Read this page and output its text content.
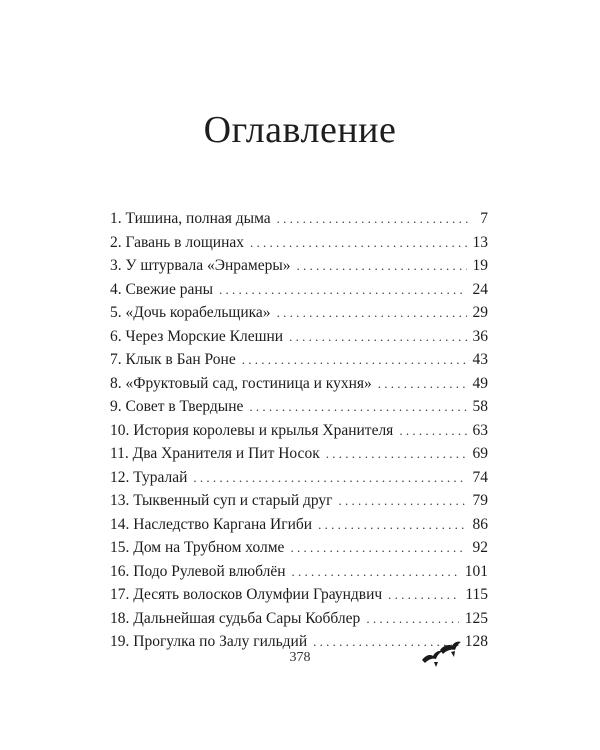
Оглавление
1. Тишина, полная дыма . . .	7
2. Гавань в лощинах . . .	13
3. У штурвала «Энрамеры» . . .	19
4. Свежие раны . . .	24
5. «Дочь корабельщика» . . .	29
6. Через Морские Клешни . . .	36
7. Клык в Бан Роне . . .	43
8. «Фруктовый сад, гостиница и кухня» . . .	49
9. Совет в Твердыне . . .	58
10. История королевы и крылья Хранителя . . .	63
11. Два Хранителя и Пит Носок . . .	69
12. Туралай . . .	74
13. Тыквенный суп и старый друг . . .	79
14. Наследство Каргана Игиби . . .	86
15. Дом на Трубном холме . . .	92
16. Подо Рулевой влюблён . . .	101
17. Десять волосков Олумфии Граундвич . . .	115
18. Дальнейшая судьба Сары Кобблер . . .	125
19. Прогулка по Залу гильдий . . .	128
378
